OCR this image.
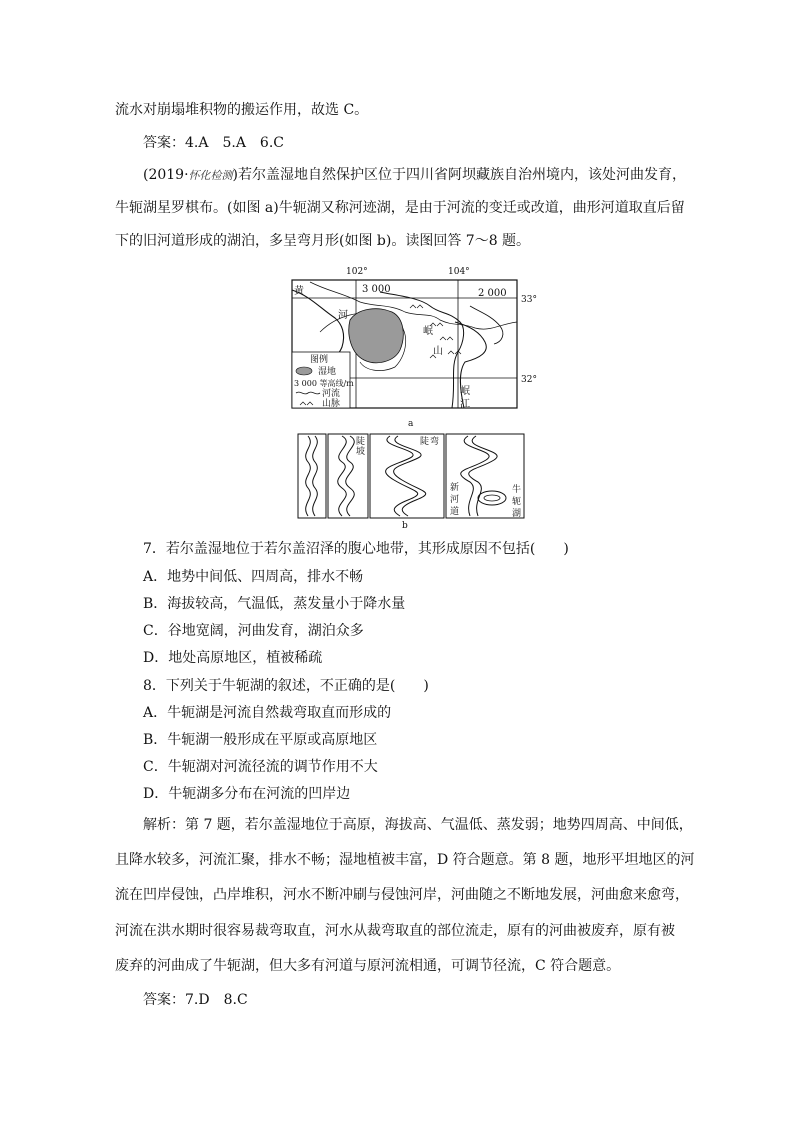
流水对崩塌堆积物的搬运作用，故选 C。
答案：4.A　5.A　6.C
(2019·怀化检测)若尔盖湿地自然保护区位于四川省阿坝藏族自治州境内，该处河曲发育，
牛轭湖星罗棋布。(如图 a)牛轭湖又称河迹湖，是由于河流的变迁或改道，曲形河道取直后留
下的旧河道形成的湖泊，多呈弯月形(如图 b)。读图回答 7～8 题。
102°	104°
33°
32°
3 000	2 000
黄
河
岷
山
岷
江
图例
湿地
3 000 等高线/m
河流
山脉
a
陡
坡
陡 弯
新
河
道
牛
轭
湖
b
7．若尔盖湿地位于若尔盖沼泽的腹心地带，其形成原因不包括(　　)
A．地势中间低、四周高，排水不畅
B．海拔较高，气温低，蒸发量小于降水量
C．谷地宽阔，河曲发育，湖泊众多
D．地处高原地区，植被稀疏
8．下列关于牛轭湖的叙述，不正确的是(　　)
A．牛轭湖是河流自然裁弯取直而形成的
B．牛轭湖一般形成在平原或高原地区
C．牛轭湖对河流径流的调节作用不大
D．牛轭湖多分布在河流的凹岸边
解析：第 7 题，若尔盖湿地位于高原，海拔高、气温低、蒸发弱；地势四周高、中间低，
且降水较多，河流汇聚，排水不畅；湿地植被丰富，D 符合题意。第 8 题，地形平坦地区的河
流在凹岸侵蚀，凸岸堆积，河水不断冲刷与侵蚀河岸，河曲随之不断地发展，河曲愈来愈弯，
河流在洪水期时很容易裁弯取直，河水从裁弯取直的部位流走，原有的河曲被废弃，原有被
废弃的河曲成了牛轭湖，但大多有河道与原河流相通，可调节径流，C 符合题意。
答案：7.D　8.C
